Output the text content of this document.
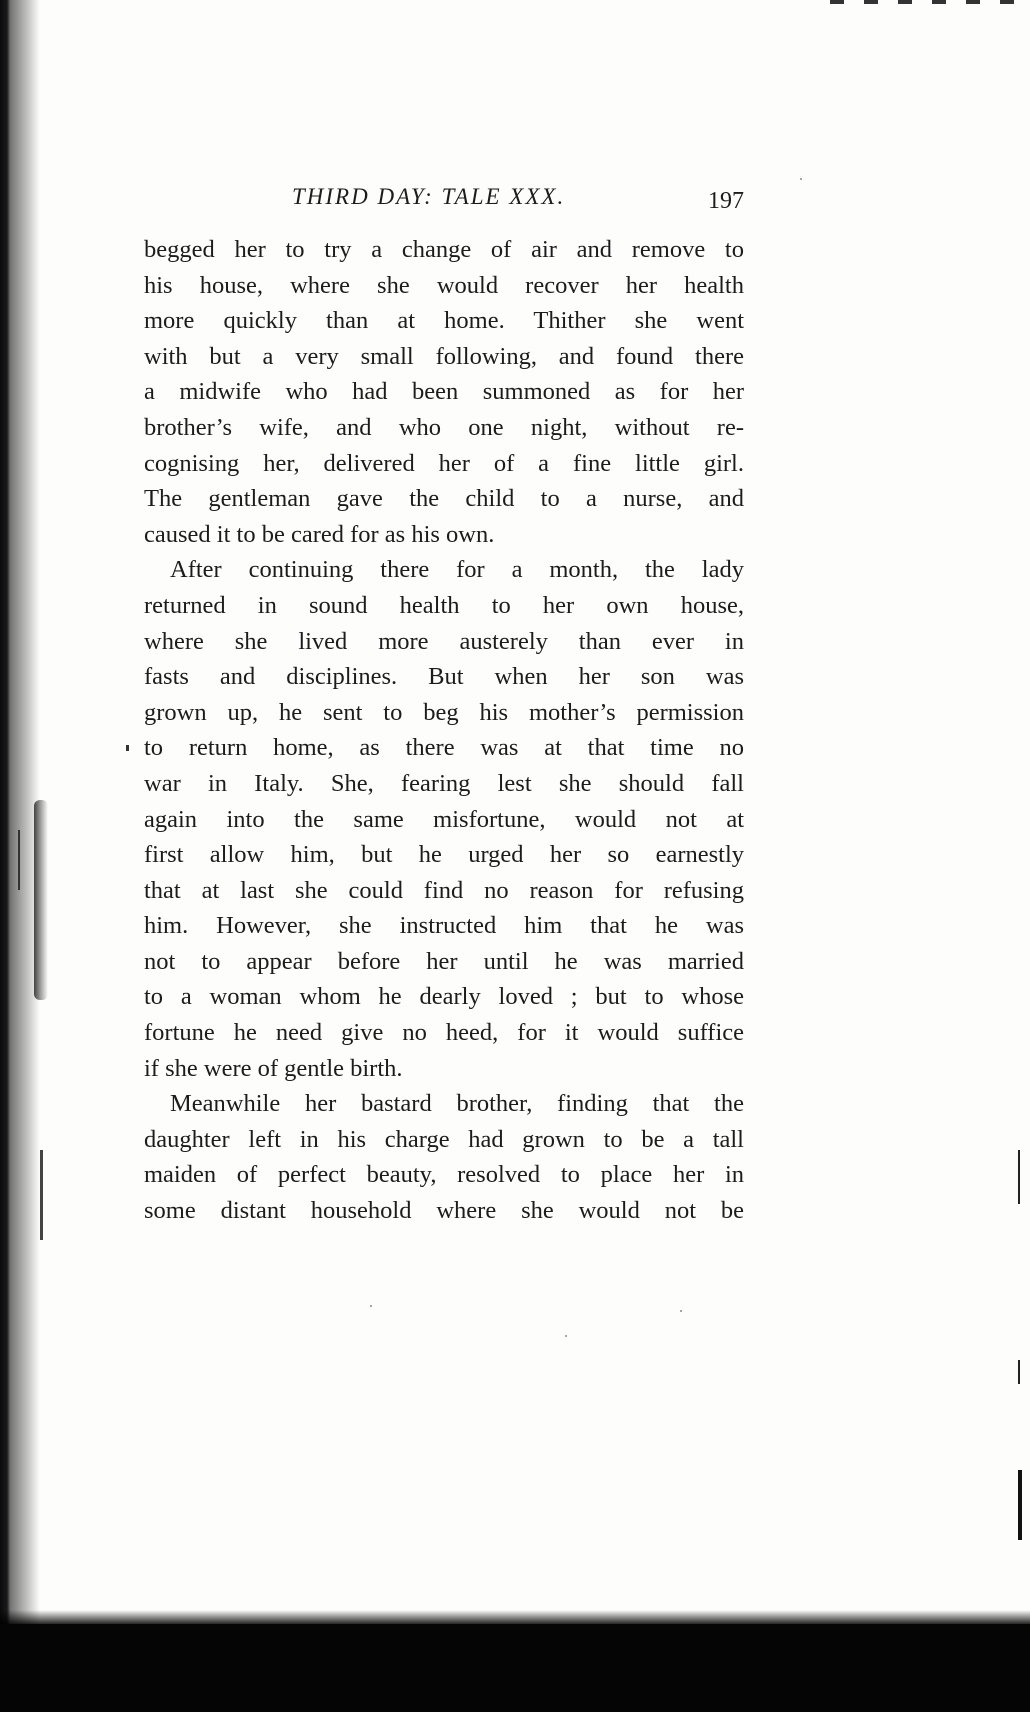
THIRD DAY: TALE XXX.	197
begged her to try a change of air and remove to
his house, where she would recover her health
more quickly than at home. Thither she went
with but a very small following, and found there
a midwife who had been summoned as for her
brother’s wife, and who one night, without re-
cognising her, delivered her of a fine little girl.
The gentleman gave the child to a nurse, and
caused it to be cared for as his own.
After continuing there for a month, the lady
returned in sound health to her own house,
where she lived more austerely than ever in
fasts and disciplines. But when her son was
grown up, he sent to beg his mother’s permission
to return home, as there was at that time no
war in Italy. She, fearing lest she should fall
again into the same misfortune, would not at
first allow him, but he urged her so earnestly
that at last she could find no reason for refusing
him. However, she instructed him that he was
not to appear before her until he was married
to a woman whom he dearly loved ; but to whose
fortune he need give no heed, for it would suffice
if she were of gentle birth.
Meanwhile her bastard brother, finding that the
daughter left in his charge had grown to be a tall
maiden of perfect beauty, resolved to place her in
some distant household where she would not be
